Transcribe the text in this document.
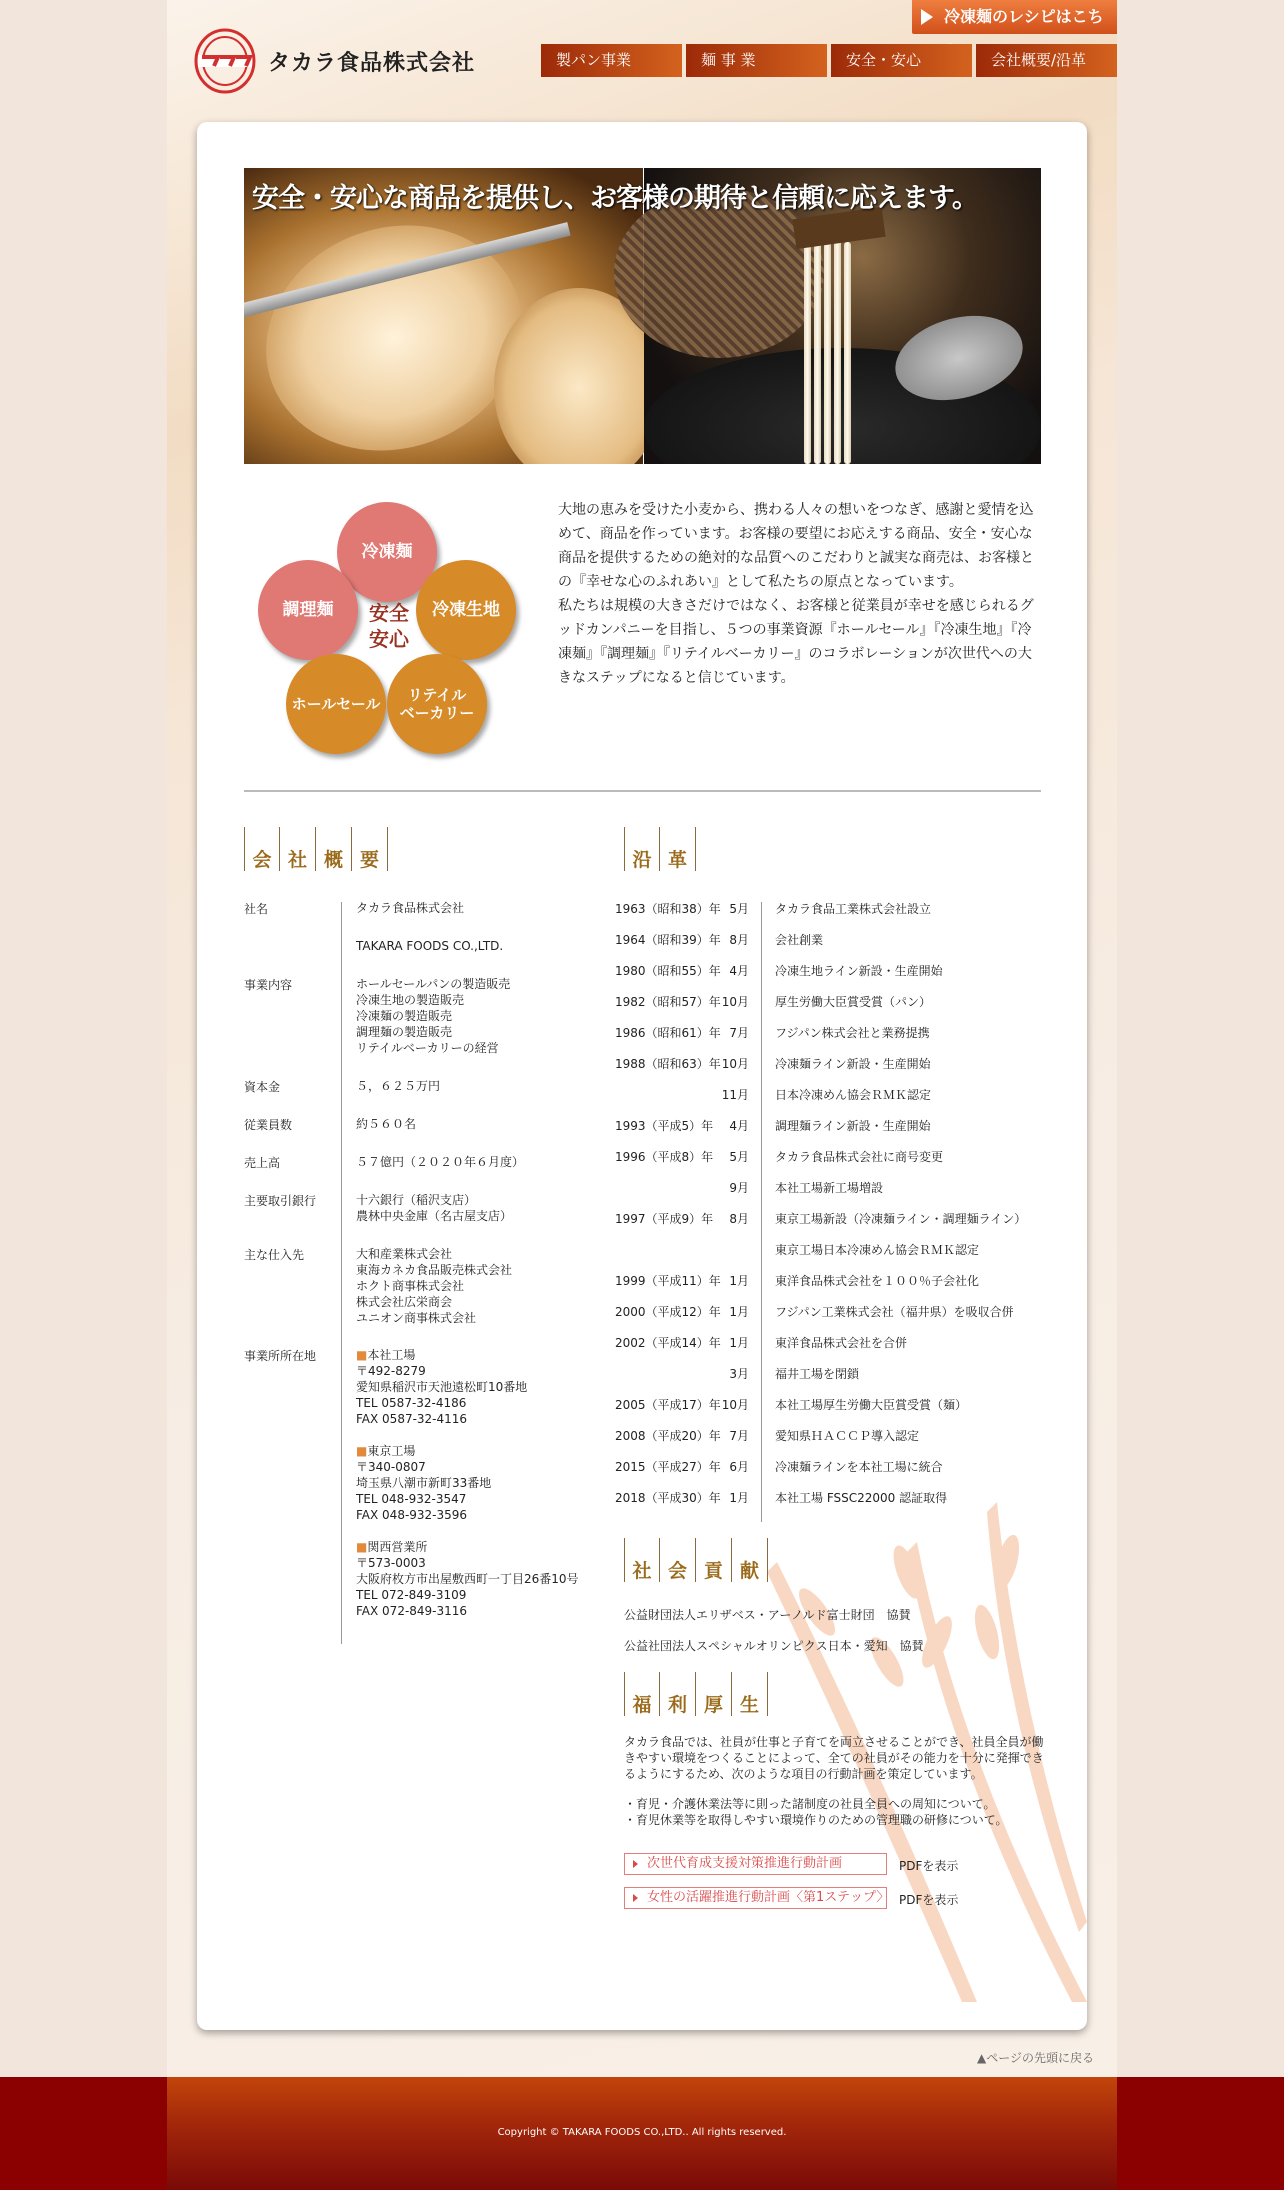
タカラ食品株式会社
冷凍麺のレシピはこち
製パン事業	麺 事 業	安全・安心	会社概要/沿革
安全・安心な商品を提供し、お客様の期待と信頼に応えます。
冷凍麺
調理麺	冷凍生地
ホールセール	リテイル
ベーカリー
安全
安心

大地の恵みを受けた小麦から、携わる人々の想いをつなぎ、感謝と愛情を込めて、商品を作っています。お客様の要望にお応えする商品、安全・安心な商品を提供するための絶対的な品質へのこだわりと誠実な商売は、お客様との『幸せな心のふれあい』として私たちの原点となっています。

私たちは規模の大きさだけではなく、お客様と従業員が幸せを感じられるグッドカンパニーを目指し、５つの事業資源『ホールセール』『冷凍生地』『冷凍麺』『調理麺』『リテイルベーカリー』のコラボレーションが次世代への大きなステップになると信じています。

会 社 概 要	沿 革
社名	タカラ食品株式会社
TAKARA FOODS CO.,LTD.
事業内容	ホールセールパンの製造販売
冷凍生地の製造販売
冷凍麺の製造販売
調理麺の製造販売
リテイルベーカリーの経営
資本金	５，６２５万円
従業員数	約５６０名
売上高	５７億円（２０２０年６月度）
主要取引銀行	十六銀行（稲沢支店）
農林中央金庫（名古屋支店）
主な仕入先	大和産業株式会社
東海カネカ食品販売株式会社
ホクト商事株式会社
株式会社広栄商会
ユニオン商事株式会社
事業所所在地	■本社工場
〒492-8279
愛知県稲沢市天池遠松町10番地
TEL 0587-32-4186
FAX 0587-32-4116
■東京工場
〒340-0807
埼玉県八潮市新町33番地
TEL 048-932-3547
FAX 048-932-3596
■関西営業所
〒573-0003
大阪府枚方市出屋敷西町一丁目26番10号
TEL 072-849-3109
FAX 072-849-3116
1963（昭和38）年 5月 タカラ食品工業株式会社設立
1964（昭和39）年 8月 会社創業
1980（昭和55）年 4月 冷凍生地ライン新設・生産開始
1982（昭和57）年 10月 厚生労働大臣賞受賞（パン）
1986（昭和61）年 7月 フジパン株式会社と業務提携
1988（昭和63）年 10月 冷凍麺ライン新設・生産開始
11月 日本冷凍めん協会ＲＭＫ認定
1993（平成5）年	4月 調理麺ライン新設・生産開始
1996（平成8）年	5月 タカラ食品株式会社に商号変更
9月 本社工場新工場増設
1997（平成9）年	8月 東京工場新設（冷凍麺ライン・調理麺ライン）
東京工場日本冷凍めん協会ＲＭＫ認定
1999（平成11）年 1月 東洋食品株式会社を１００％子会社化
2000（平成12）年 1月 フジパン工業株式会社（福井県）を吸収合併
2002（平成14）年 1月 東洋食品株式会社を合併
3月 福井工場を閉鎖
2005（平成17）年 10月 本社工場厚生労働大臣賞受賞（麺）
2008（平成20）年 7月 愛知県ＨＡＣＣＰ導入認定
2015（平成27）年 6月 冷凍麺ラインを本社工場に統合
2018（平成30）年 1月 本社工場 FSSC22000 認証取得
社 会 貢 献
公益財団法人エリザベス・アーノルド富士財団　協賛
公益社団法人スペシャルオリンピクス日本・愛知　協賛
福 利 厚 生

タカラ食品では、社員が仕事と子育てを両立させることができ、社員全員が働きやすい環境をつくることによって、全ての社員がその能力を十分に発揮できるようにするため、次のような項目の行動計画を策定しています。

・育児・介護休業法等に則った諸制度の社員全員への周知について。

・育児休業等を取得しやすい環境作りのための管理職の研修について。

次世代育成支援対策推進行動計画	PDFを表示
女性の活躍推進行動計画〈第1ステップ〉 PDFを表示
▲ページの先頭に戻る
Copyright © TAKARA FOODS CO.,LTD.. All rights reserved.
